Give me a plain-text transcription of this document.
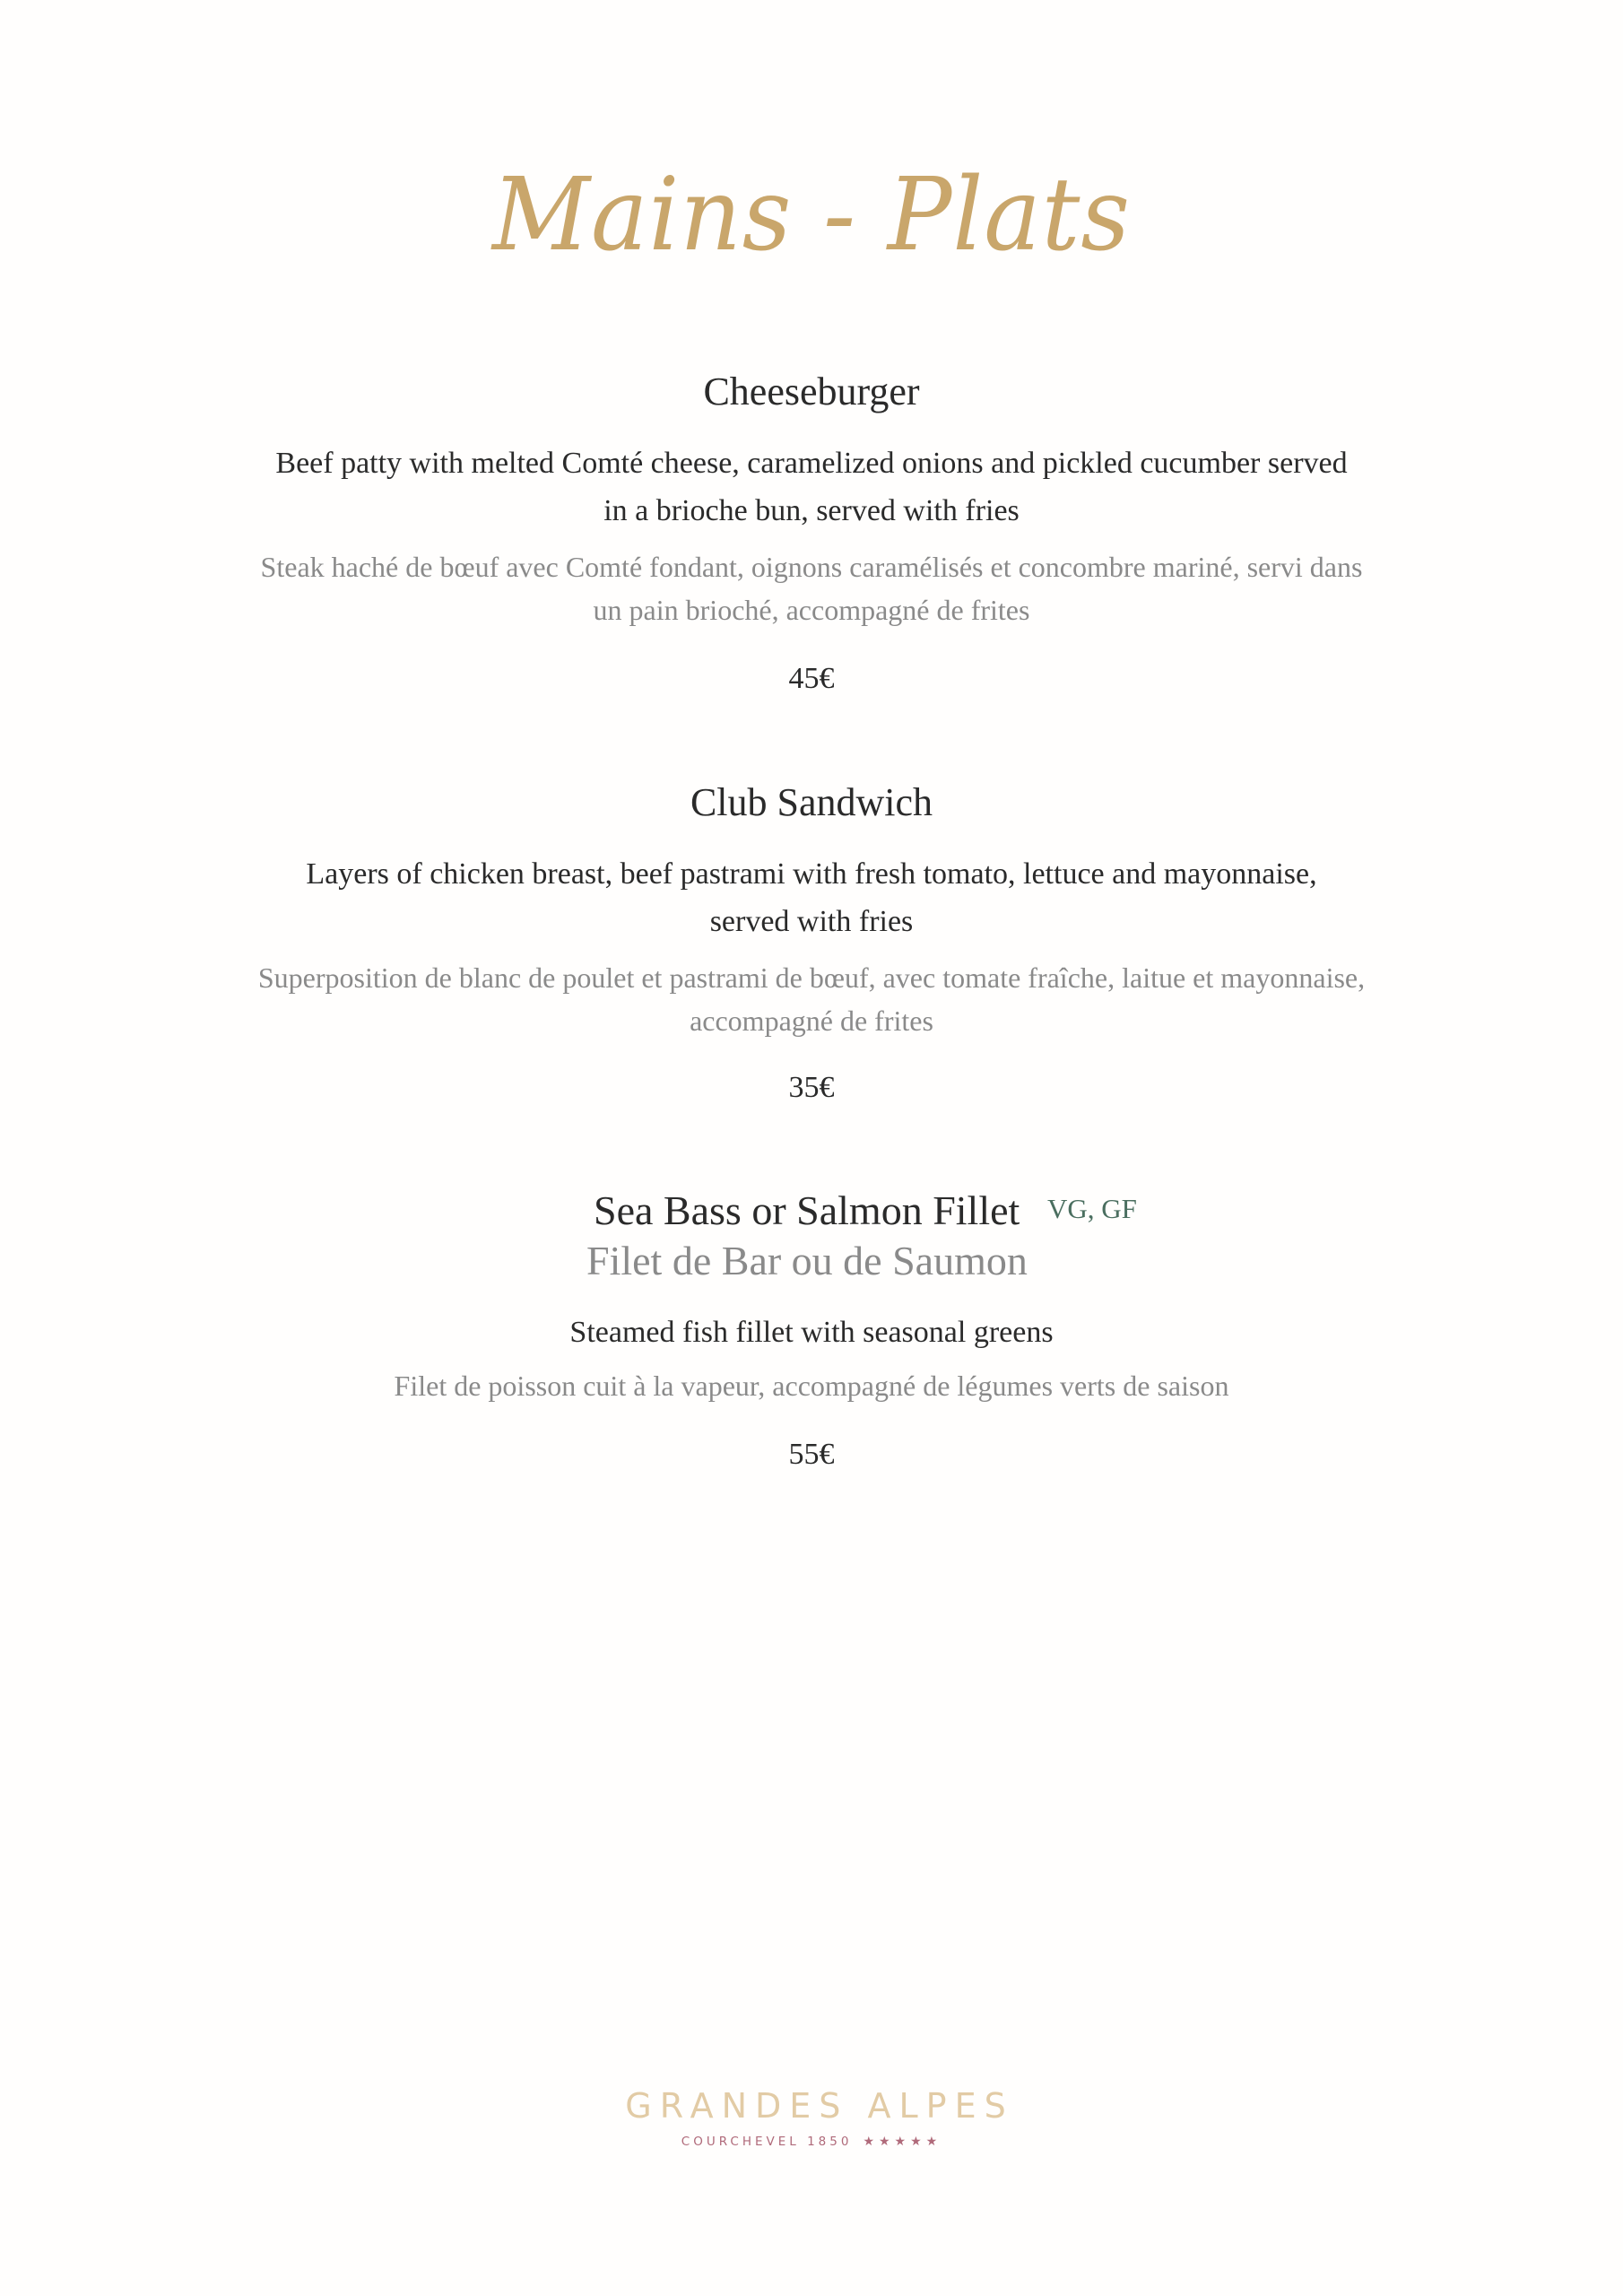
Mains - Plats
Cheeseburger
Beef patty with melted Comté cheese, caramelized onions and pickled cucumber served
in a brioche bun, served with fries
Steak haché de bœuf avec Comté fondant, oignons caramélisés et concombre mariné, servi dans
un pain brioché, accompagné de frites
45€
Club Sandwich
Layers of chicken breast, beef pastrami with fresh tomato, lettuce and mayonnaise,
served with fries
Superposition de blanc de poulet et pastrami de bœuf, avec tomate fraîche, laitue et mayonnaise,
accompagné de frites
35€
Sea Bass or Salmon Fillet VG, GF
Filet de Bar ou de Saumon
Steamed fish fillet with seasonal greens
Filet de poisson cuit à la vapeur, accompagné de légumes verts de saison
55€
GRANDES ALPES
COURCHEVEL 1850 ★★★★★
